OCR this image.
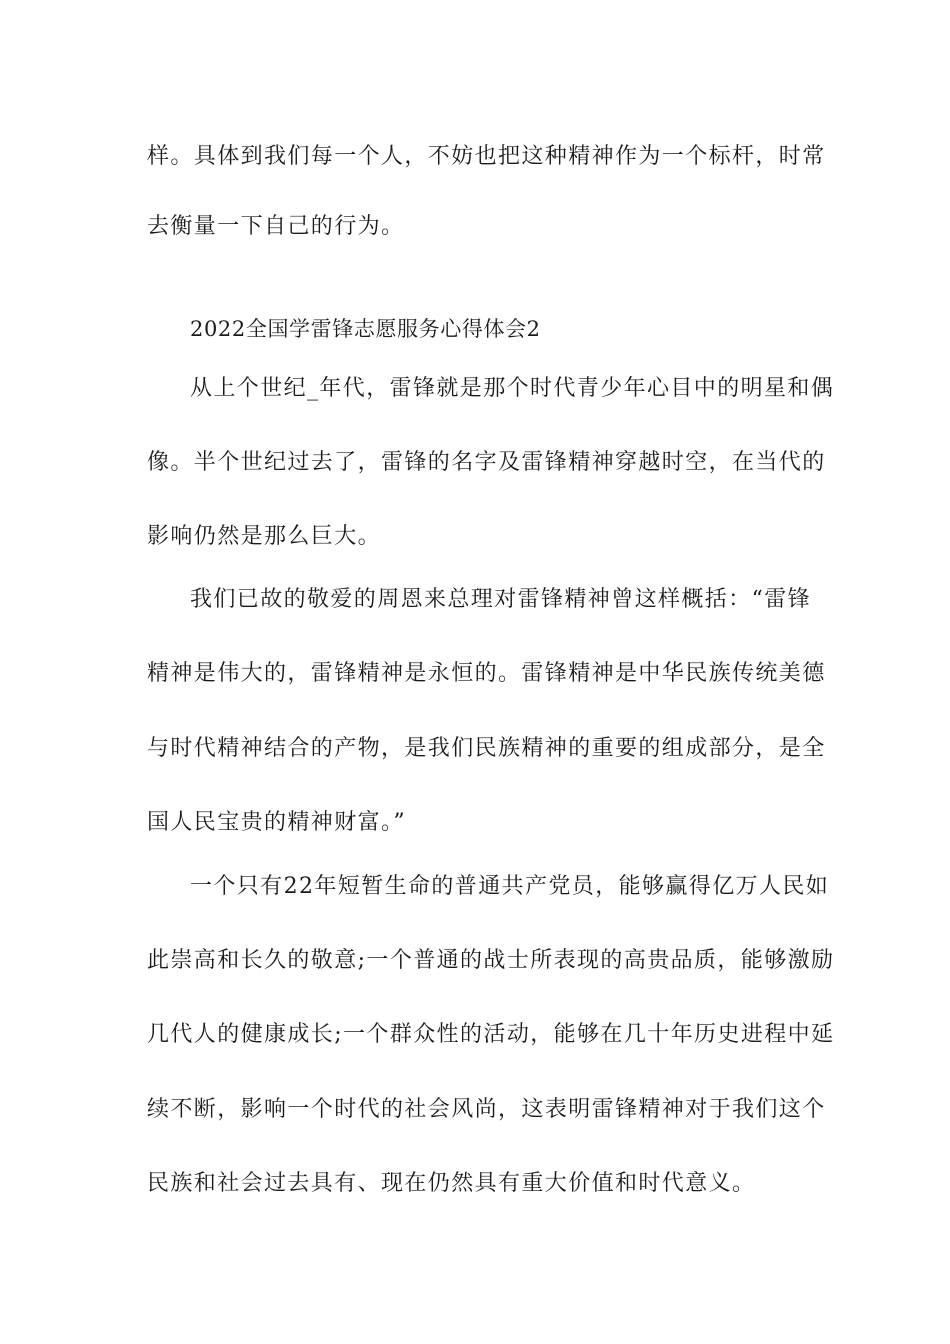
样。具体到我们每一个人，不妨也把这种精神作为一个标杆，时常
去衡量一下自己的行为。
2022全国学雷锋志愿服务心得体会2
从上个世纪_年代，雷锋就是那个时代青少年心目中的明星和偶
像。半个世纪过去了，雷锋的名字及雷锋精神穿越时空，在当代的
影响仍然是那么巨大。
我们已故的敬爱的周恩来总理对雷锋精神曾这样概括：“雷锋
精神是伟大的，雷锋精神是永恒的。雷锋精神是中华民族传统美德
与时代精神结合的产物，是我们民族精神的重要的组成部分，是全
国人民宝贵的精神财富。”
一个只有22年短暂生命的普通共产党员，能够赢得亿万人民如
此崇高和长久的敬意;一个普通的战士所表现的高贵品质，能够激励
几代人的健康成长;一个群众性的活动，能够在几十年历史进程中延
续不断，影响一个时代的社会风尚，这表明雷锋精神对于我们这个
民族和社会过去具有、现在仍然具有重大价值和时代意义。
